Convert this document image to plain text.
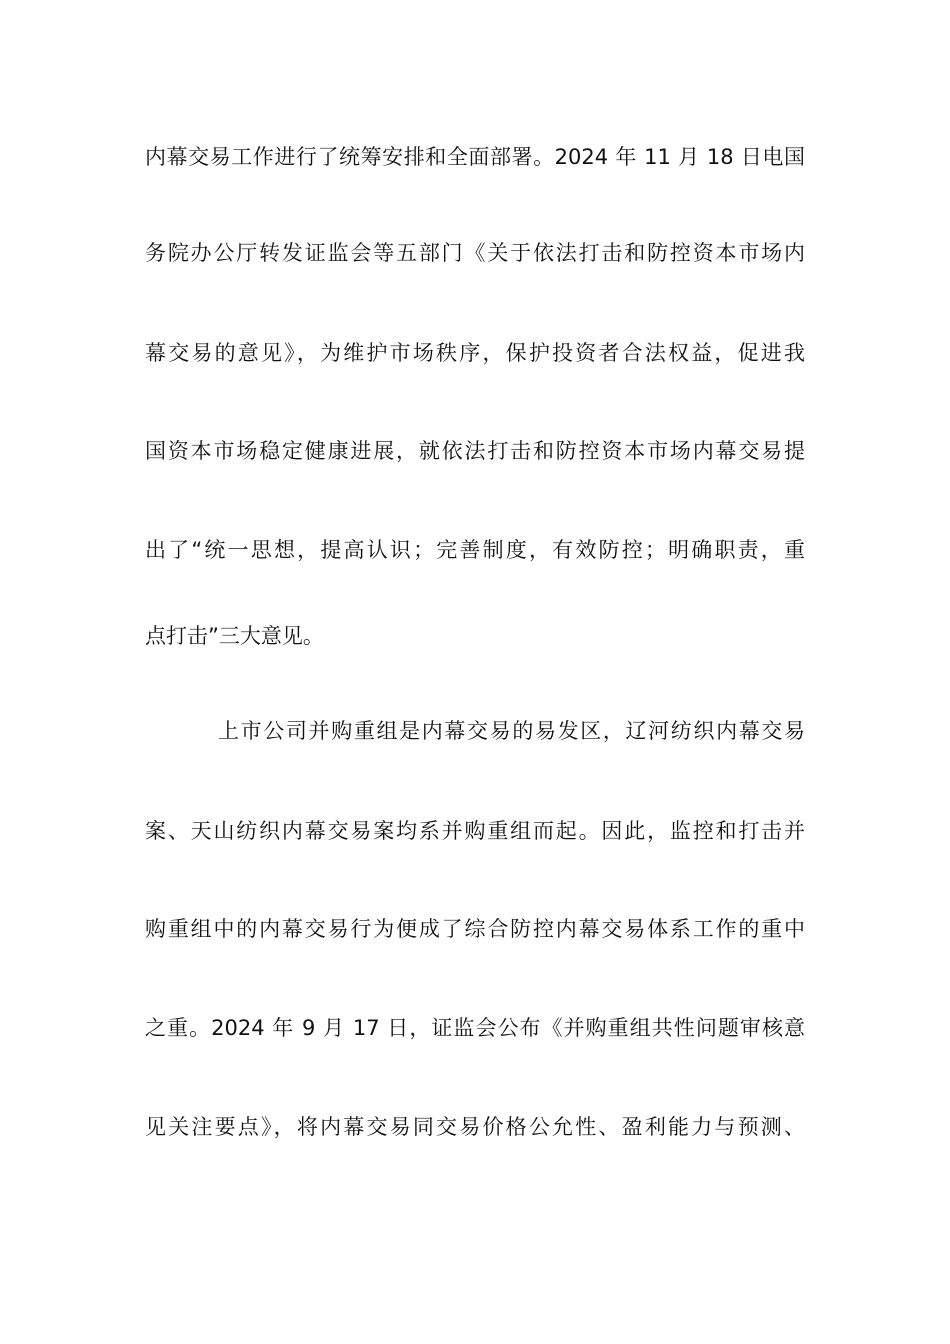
内幕交易工作进行了统筹安排和全面部署。2024 年 11 月 18 日电国
务院办公厅转发证监会等五部门《关于依法打击和防控资本市场内
幕交易的意见》，为维护市场秩序，保护投资者合法权益，促进我
国资本市场稳定健康进展，就依法打击和防控资本市场内幕交易提
出了“统一思想，提高认识；完善制度，有效防控；明确职责，重
点打击”三大意见。
上市公司并购重组是内幕交易的易发区，辽河纺织内幕交易
案、天山纺织内幕交易案均系并购重组而起。因此，监控和打击并
购重组中的内幕交易行为便成了综合防控内幕交易体系工作的重中
之重。2024 年 9 月 17 日，证监会公布《并购重组共性问题审核意
见关注要点》，将内幕交易同交易价格公允性、盈利能力与预测、
